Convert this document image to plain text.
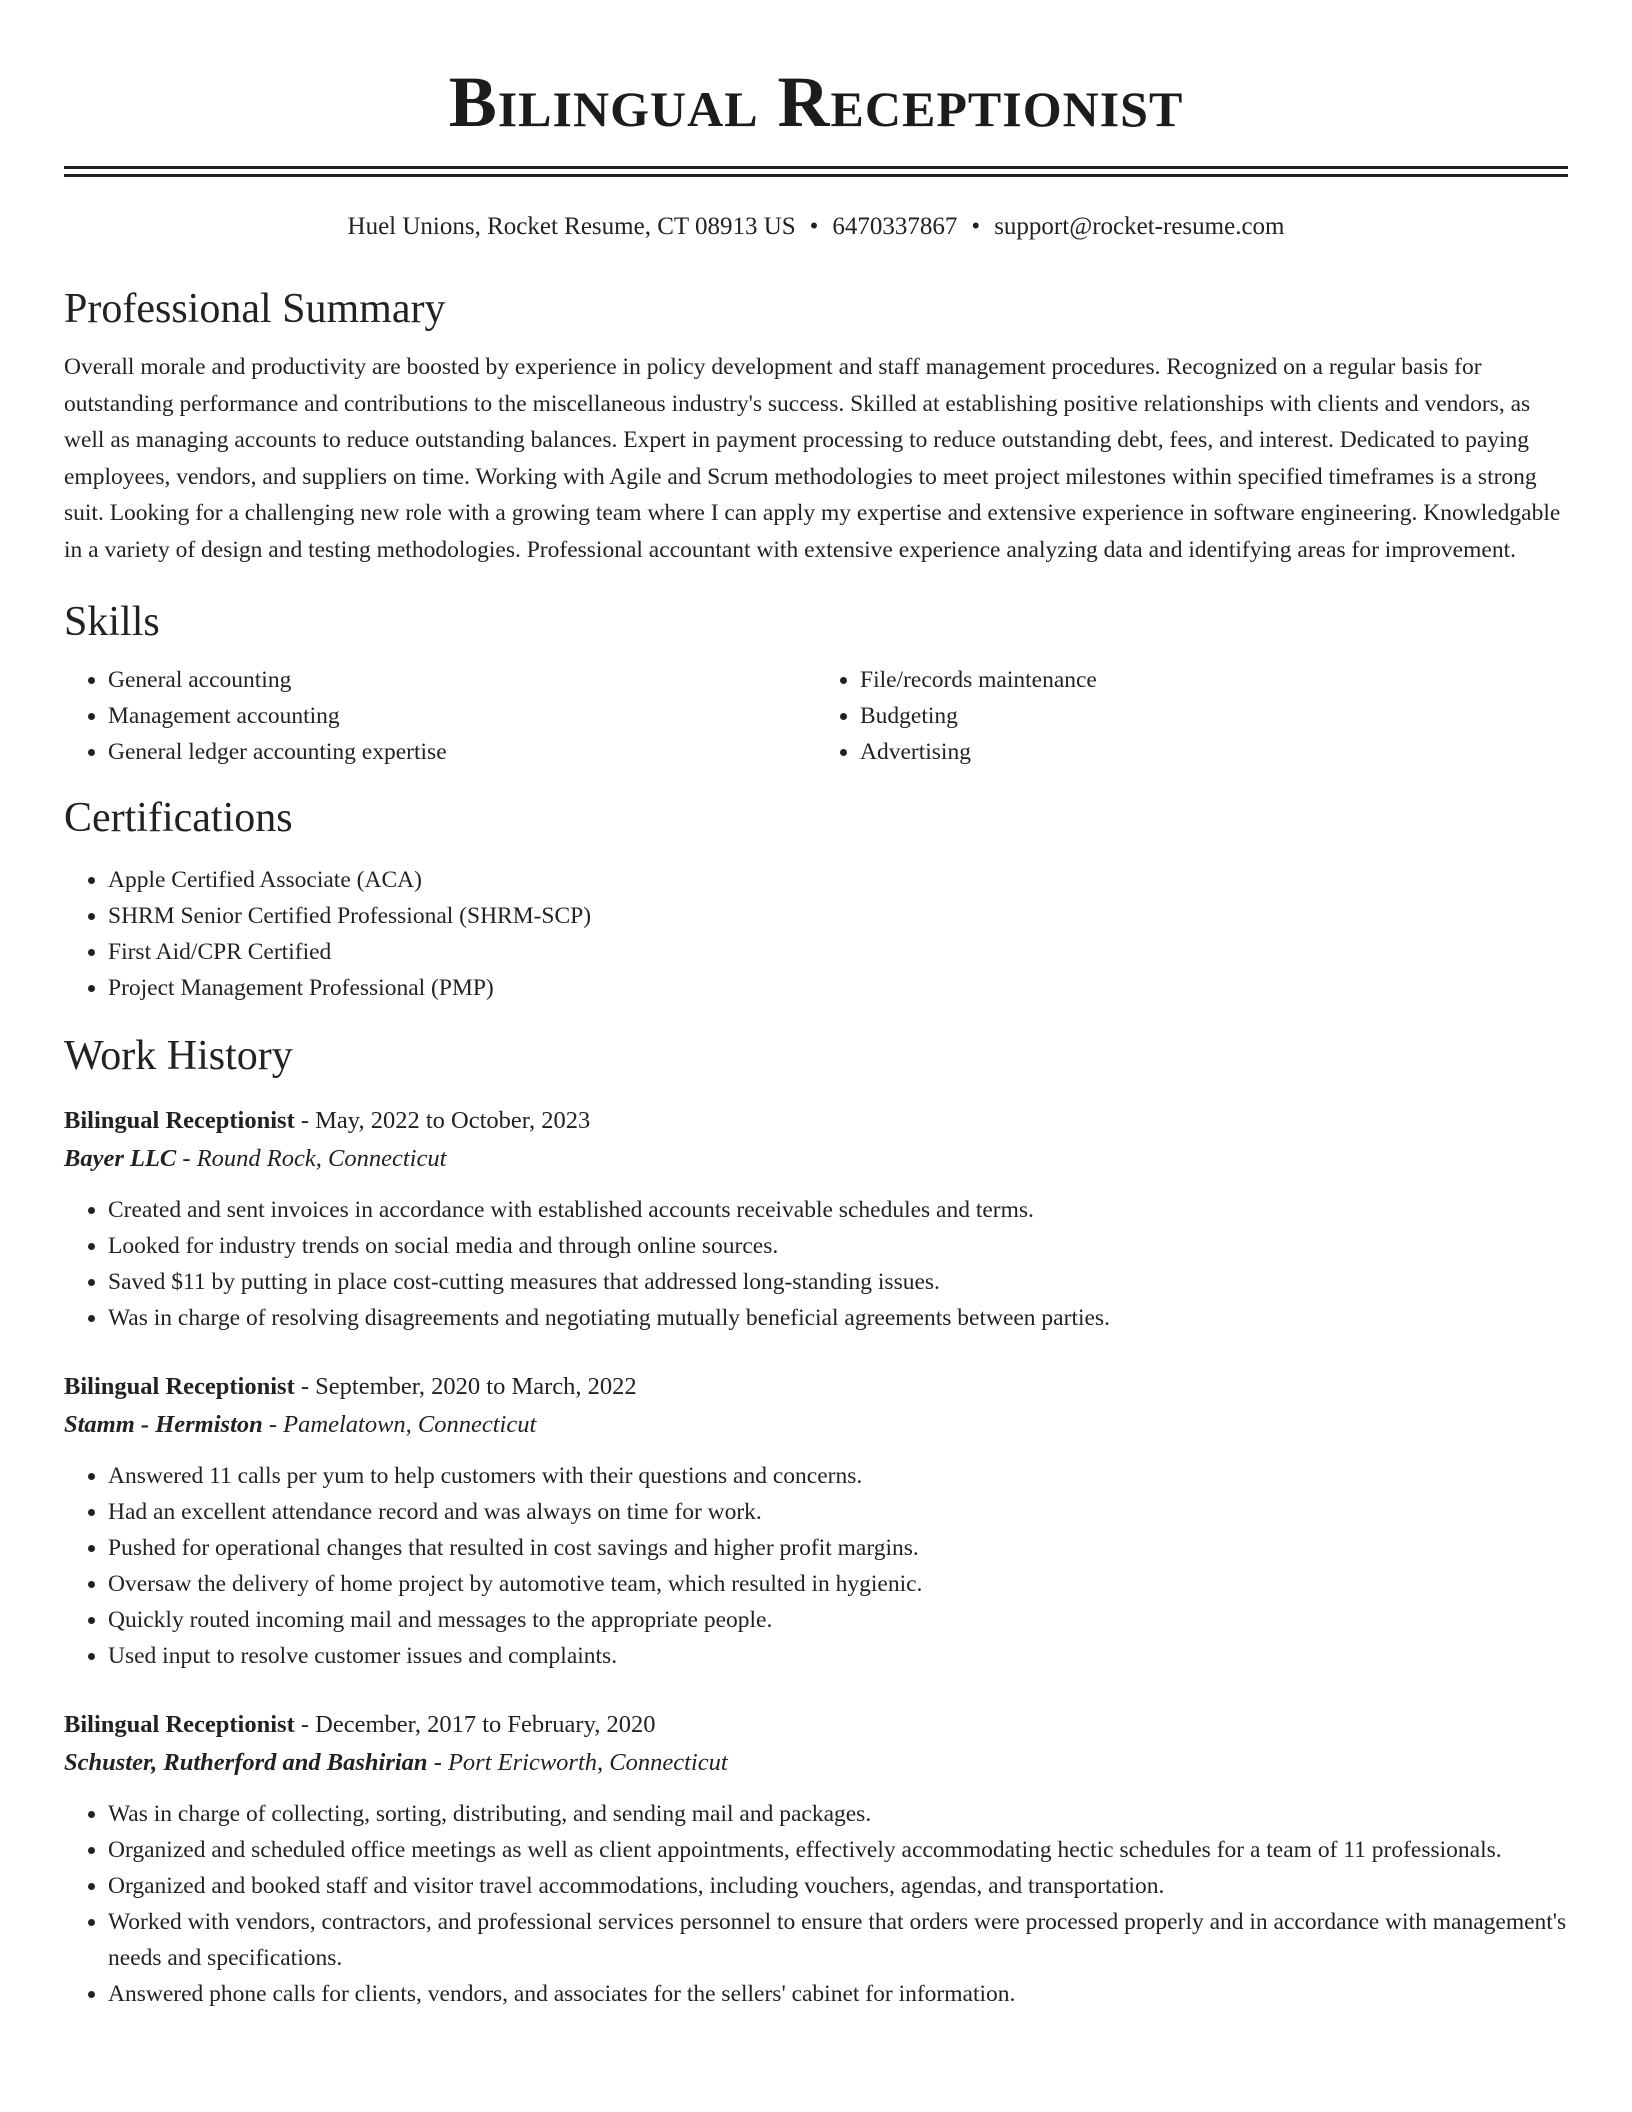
Bilingual Receptionist
Huel Unions, Rocket Resume, CT 08913 US • 6470337867 • support@rocket-resume.com
Professional Summary

Overall morale and productivity are boosted by experience in policy development and staff management procedures. Recognized on a regular basis for outstanding performance and contributions to the miscellaneous industry's success. Skilled at establishing positive relationships with clients and vendors, as well as managing accounts to reduce outstanding balances. Expert in payment processing to reduce outstanding debt, fees, and interest. Dedicated to paying employees, vendors, and suppliers on time. Working with Agile and Scrum methodologies to meet project milestones within specified timeframes is a strong suit. Looking for a challenging new role with a growing team where I can apply my expertise and extensive experience in software engineering. Knowledgable in a variety of design and testing methodologies. Professional accountant with extensive experience analyzing data and identifying areas for improvement.

Skills
• General accounting
• Management accounting
• General ledger accounting expertise
• File/records maintenance
• Budgeting
• Advertising
Certifications
• Apple Certified Associate (ACA)
• SHRM Senior Certified Professional (SHRM-SCP)
• First Aid/CPR Certified
• Project Management Professional (PMP)
Work History
Bilingual Receptionist - May, 2022 to October, 2023
Bayer LLC - Round Rock, Connecticut
• Created and sent invoices in accordance with established accounts receivable schedules and terms.
• Looked for industry trends on social media and through online sources.
• Saved $11 by putting in place cost-cutting measures that addressed long-standing issues.
• Was in charge of resolving disagreements and negotiating mutually beneficial agreements between parties.
Bilingual Receptionist - September, 2020 to March, 2022
Stamm - Hermiston - Pamelatown, Connecticut
• Answered 11 calls per yum to help customers with their questions and concerns.
• Had an excellent attendance record and was always on time for work.
• Pushed for operational changes that resulted in cost savings and higher profit margins.
• Oversaw the delivery of home project by automotive team, which resulted in hygienic.
• Quickly routed incoming mail and messages to the appropriate people.
• Used input to resolve customer issues and complaints.
Bilingual Receptionist - December, 2017 to February, 2020
Schuster, Rutherford and Bashirian - Port Ericworth, Connecticut
• Was in charge of collecting, sorting, distributing, and sending mail and packages.
• Organized and scheduled office meetings as well as client appointments, effectively accommodating hectic schedules for a team of 11 professionals.
• Organized and booked staff and visitor travel accommodations, including vouchers, agendas, and transportation.
• Worked with vendors, contractors, and professional services personnel to ensure that orders were processed properly and in accordance with management's needs and specifications.
• Answered phone calls for clients, vendors, and associates for the sellers' cabinet for information.
